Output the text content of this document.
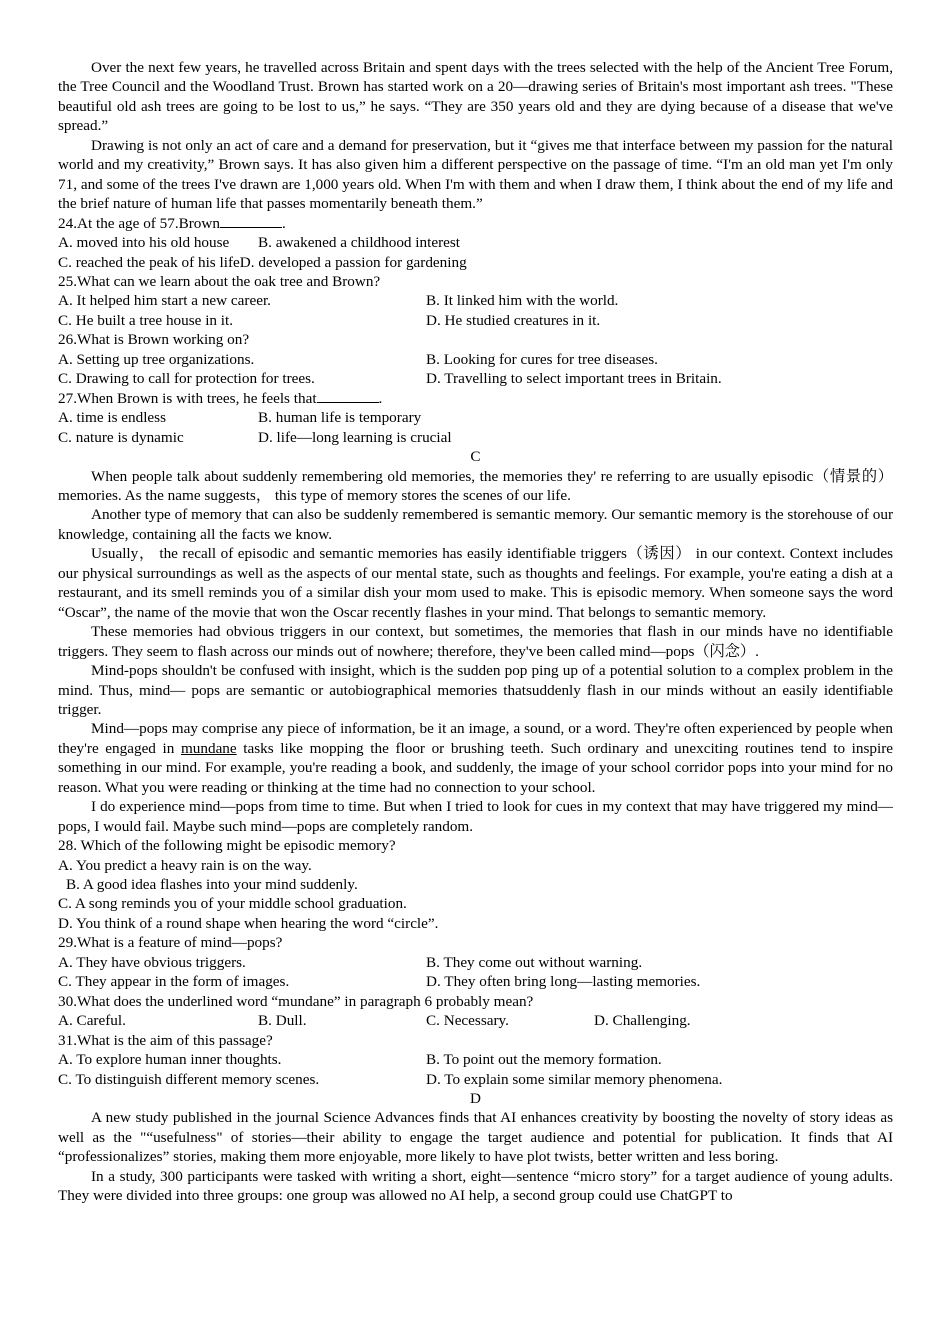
Over the next few years, he travelled across Britain and spent days with the trees selected with the help of the Ancient Tree Forum, the Tree Council and the Woodland Trust. Brown has started work on a 20—drawing series of Britain's most important ash trees. "These beautiful old ash trees are going to be lost to us,” he says. “They are 350 years old and they are dying because of a disease that we've spread.”

Drawing is not only an act of care and a demand for preservation, but it “gives me that interface between my passion for the natural world and my creativity,” Brown says. It has also given him a different perspective on the passage of time. “I'm an old man yet I'm only 71, and some of the trees I've drawn are 1,000 years old. When I'm with them and when I draw them, I think about the end of my life and the brief nature of human life that passes momentarily beneath them.”

24.At the age of 57.Brown	.
A. moved into his old house	B. awakened a childhood interest
C. reached the peak of his lifeD. developed a passion for gardening
25.What can we learn about the oak tree and Brown?
A. It helped him start a new career.	B. It linked him with the world.
C. He built a tree house in it.	D. He studied creatures in it.
26.What is Brown working on?
A. Setting up tree organizations.	B. Looking for cures for tree diseases.
C. Drawing to call for protection for trees.	D. Travelling to select important trees in Britain.
27.When Brown is with trees, he feels that	.
A. time is endless	B. human life is temporary
C. nature is dynamic	D. life—long learning is crucial
C

When people talk about suddenly remembering old memories, the memories they' re referring to are usually episodic（情景的）memories. As the name suggests， this type of memory stores the scenes of our life.

Another type of memory that can also be suddenly remembered is semantic memory. Our semantic memory is the storehouse of our knowledge, containing all the facts we know.

Usually， the recall of episodic and semantic memories has easily identifiable triggers（诱因） in our context. Context includes our physical surroundings as well as the aspects of our mental state, such as thoughts and feelings. For example, you're eating a dish at a restaurant, and its smell reminds you of a similar dish your mom used to make. This is episodic memory. When someone says the word “Oscar”, the name of the movie that won the Oscar recently flashes in your mind. That belongs to semantic memory.

These memories had obvious triggers in our context, but sometimes, the memories that flash in our minds have no identifiable triggers. They seem to flash across our minds out of nowhere; therefore, they've been called mind—pops（闪念）.

Mind-pops shouldn't be confused with insight, which is the sudden pop ping up of a potential solution to a complex problem in the mind. Thus, mind— pops are semantic or autobiographical memories thatsuddenly flash in our minds without an easily identifiable trigger.

Mind—pops may comprise any piece of information, be it an image, a sound, or a word. They're often experienced by people when they're engaged in mundane tasks like mopping the floor or brushing teeth. Such ordinary and unexciting routines tend to inspire something in our mind. For example, you're reading a book, and suddenly, the image of your school corridor pops into your mind for no reason. What you were reading or thinking at the time had no connection to your school.

I do experience mind—pops from time to time. But when I tried to look for cues in my context that may have triggered my mind—pops, I would fail. Maybe such mind—pops are completely random.

28. Which of the following might be episodic memory?
A. You predict a heavy rain is on the way.
B. A good idea flashes into your mind suddenly.
C. A song reminds you of your middle school graduation.
D. You think of a round shape when hearing the word “circle”.
29.What is a feature of mind—pops?
A. They have obvious triggers.	B. They come out without warning.
C. They appear in the form of images.	D. They often bring long—lasting memories.
30.What does the underlined word “mundane” in paragraph 6 probably mean?
A. Careful.	B. Dull.	C. Necessary.	D. Challenging.
31.What is the aim of this passage?
A. To explore human inner thoughts.	B. To point out the memory formation.
C. To distinguish different memory scenes.	D. To explain some similar memory phenomena.
D

A new study published in the journal Science Advances finds that AI enhances creativity by boosting the novelty of story ideas as well as the "“usefulness" of stories—their ability to engage the target audience and potential for publication. It finds that AI “professionalizes” stories, making them more enjoyable, more likely to have plot twists, better written and less boring.

In a study, 300 participants were tasked with writing a short, eight—sentence “micro story” for a target audience of young adults. They were divided into three groups: one group was allowed no AI help, a second group could use ChatGPT to
